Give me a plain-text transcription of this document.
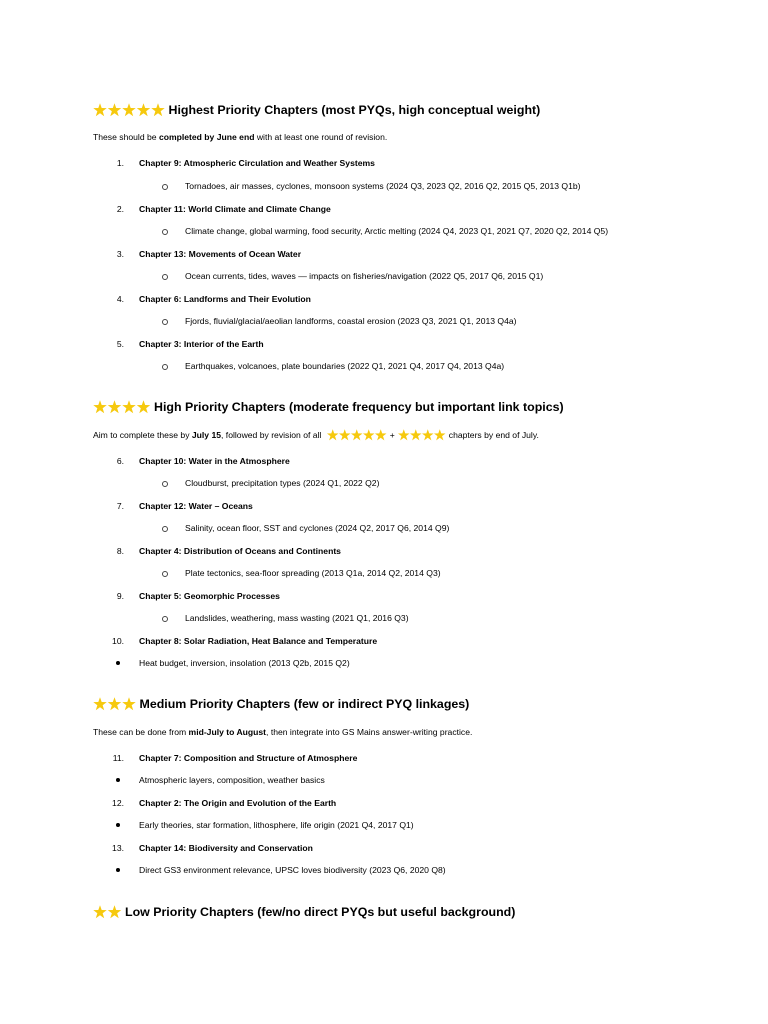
Highest Priority Chapters (most PYQs, high conceptual weight)
These should be completed by June end with at least one round of revision.
1. Chapter 9: Atmospheric Circulation and Weather Systems
Tornadoes, air masses, cyclones, monsoon systems (2024 Q3, 2023 Q2, 2016 Q2, 2015 Q5, 2013 Q1b)
2. Chapter 11: World Climate and Climate Change
Climate change, global warming, food security, Arctic melting (2024 Q4, 2023 Q1, 2021 Q7, 2020 Q2, 2014 Q5)
3. Chapter 13: Movements of Ocean Water
Ocean currents, tides, waves — impacts on fisheries/navigation (2022 Q5, 2017 Q6, 2015 Q1)
4. Chapter 6: Landforms and Their Evolution
Fjords, fluvial/glacial/aeolian landforms, coastal erosion (2023 Q3, 2021 Q1, 2013 Q4a)
5. Chapter 3: Interior of the Earth
Earthquakes, volcanoes, plate boundaries (2022 Q1, 2021 Q4, 2017 Q4, 2013 Q4a)
High Priority Chapters (moderate frequency but important link topics)
Aim to complete these by July 15 , followed by revision of all	+	chapters by end of July.
6. Chapter 10: Water in the Atmosphere
Cloudburst, precipitation types (2024 Q1, 2022 Q2)
7. Chapter 12: Water – Oceans
Salinity, ocean floor, SST and cyclones (2024 Q2, 2017 Q6, 2014 Q9)
8. Chapter 4: Distribution of Oceans and Continents
Plate tectonics, sea-floor spreading (2013 Q1a, 2014 Q2, 2014 Q3)
9. Chapter 5: Geomorphic Processes
Landslides, weathering, mass wasting (2021 Q1, 2016 Q3)
10. Chapter 8: Solar Radiation, Heat Balance and Temperature
Heat budget, inversion, insolation (2013 Q2b, 2015 Q2)
Medium Priority Chapters (few or indirect PYQ linkages)
These can be done from mid-July to August , then integrate into GS Mains answer-writing practice.
11. Chapter 7: Composition and Structure of Atmosphere
Atmospheric layers, composition, weather basics
12. Chapter 2: The Origin and Evolution of the Earth
Early theories, star formation, lithosphere, life origin (2021 Q4, 2017 Q1)
13. Chapter 14: Biodiversity and Conservation
Direct GS3 environment relevance, UPSC loves biodiversity (2023 Q6, 2020 Q8)
Low Priority Chapters (few/no direct PYQs but useful background)
